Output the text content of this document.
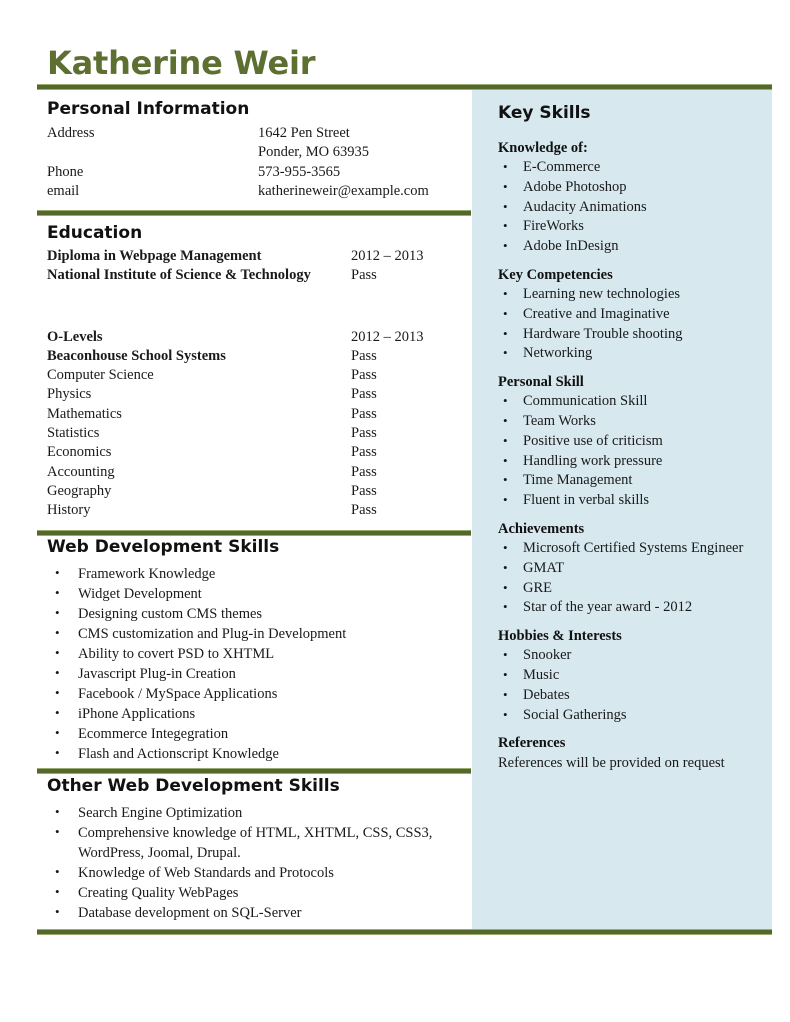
Katherine Weir
Personal Information
Address	1642 Pen Street
	Ponder, MO 63935
Phone	573-955-3565
email	katherineweir@example.com
Education
Diploma in Webpage Management	2012 – 2013
National Institute of Science & Technology	Pass

O-Levels	2012 – 2013
Beaconhouse School Systems	Pass
Computer Science	Pass
Physics	Pass
Mathematics	Pass
Statistics	Pass
Economics	Pass
Accounting	Pass
Geography	Pass
History	Pass
Web Development Skills
• Framework Knowledge
• Widget Development
• Designing custom CMS themes
• CMS customization and Plug-in Development
• Ability to covert PSD to XHTML
• Javascript Plug-in Creation
• Facebook / MySpace Applications
• iPhone Applications
• Ecommerce Integegration
• Flash and Actionscript Knowledge
Other Web Development Skills
• Search Engine Optimization
• Comprehensive knowledge of HTML, XHTML, CSS, CSS3, WordPress, Joomal, Drupal.
• Knowledge of Web Standards and Protocols
• Creating Quality WebPages
• Database development on SQL-Server
Key Skills
Knowledge of:
• E-Commerce
• Adobe Photoshop
• Audacity Animations
• FireWorks
• Adobe InDesign
Key Competencies
• Learning new technologies
• Creative and Imaginative
• Hardware Trouble shooting
• Networking
Personal Skill
• Communication Skill
• Team Works
• Positive use of criticism
• Handling work pressure
• Time Management
• Fluent in verbal skills
Achievements
• Microsoft Certified Systems Engineer
• GMAT
• GRE
• Star of the year award - 2012
Hobbies & Interests
• Snooker
• Music
• Debates
• Social Gatherings
References
References will be provided on request
